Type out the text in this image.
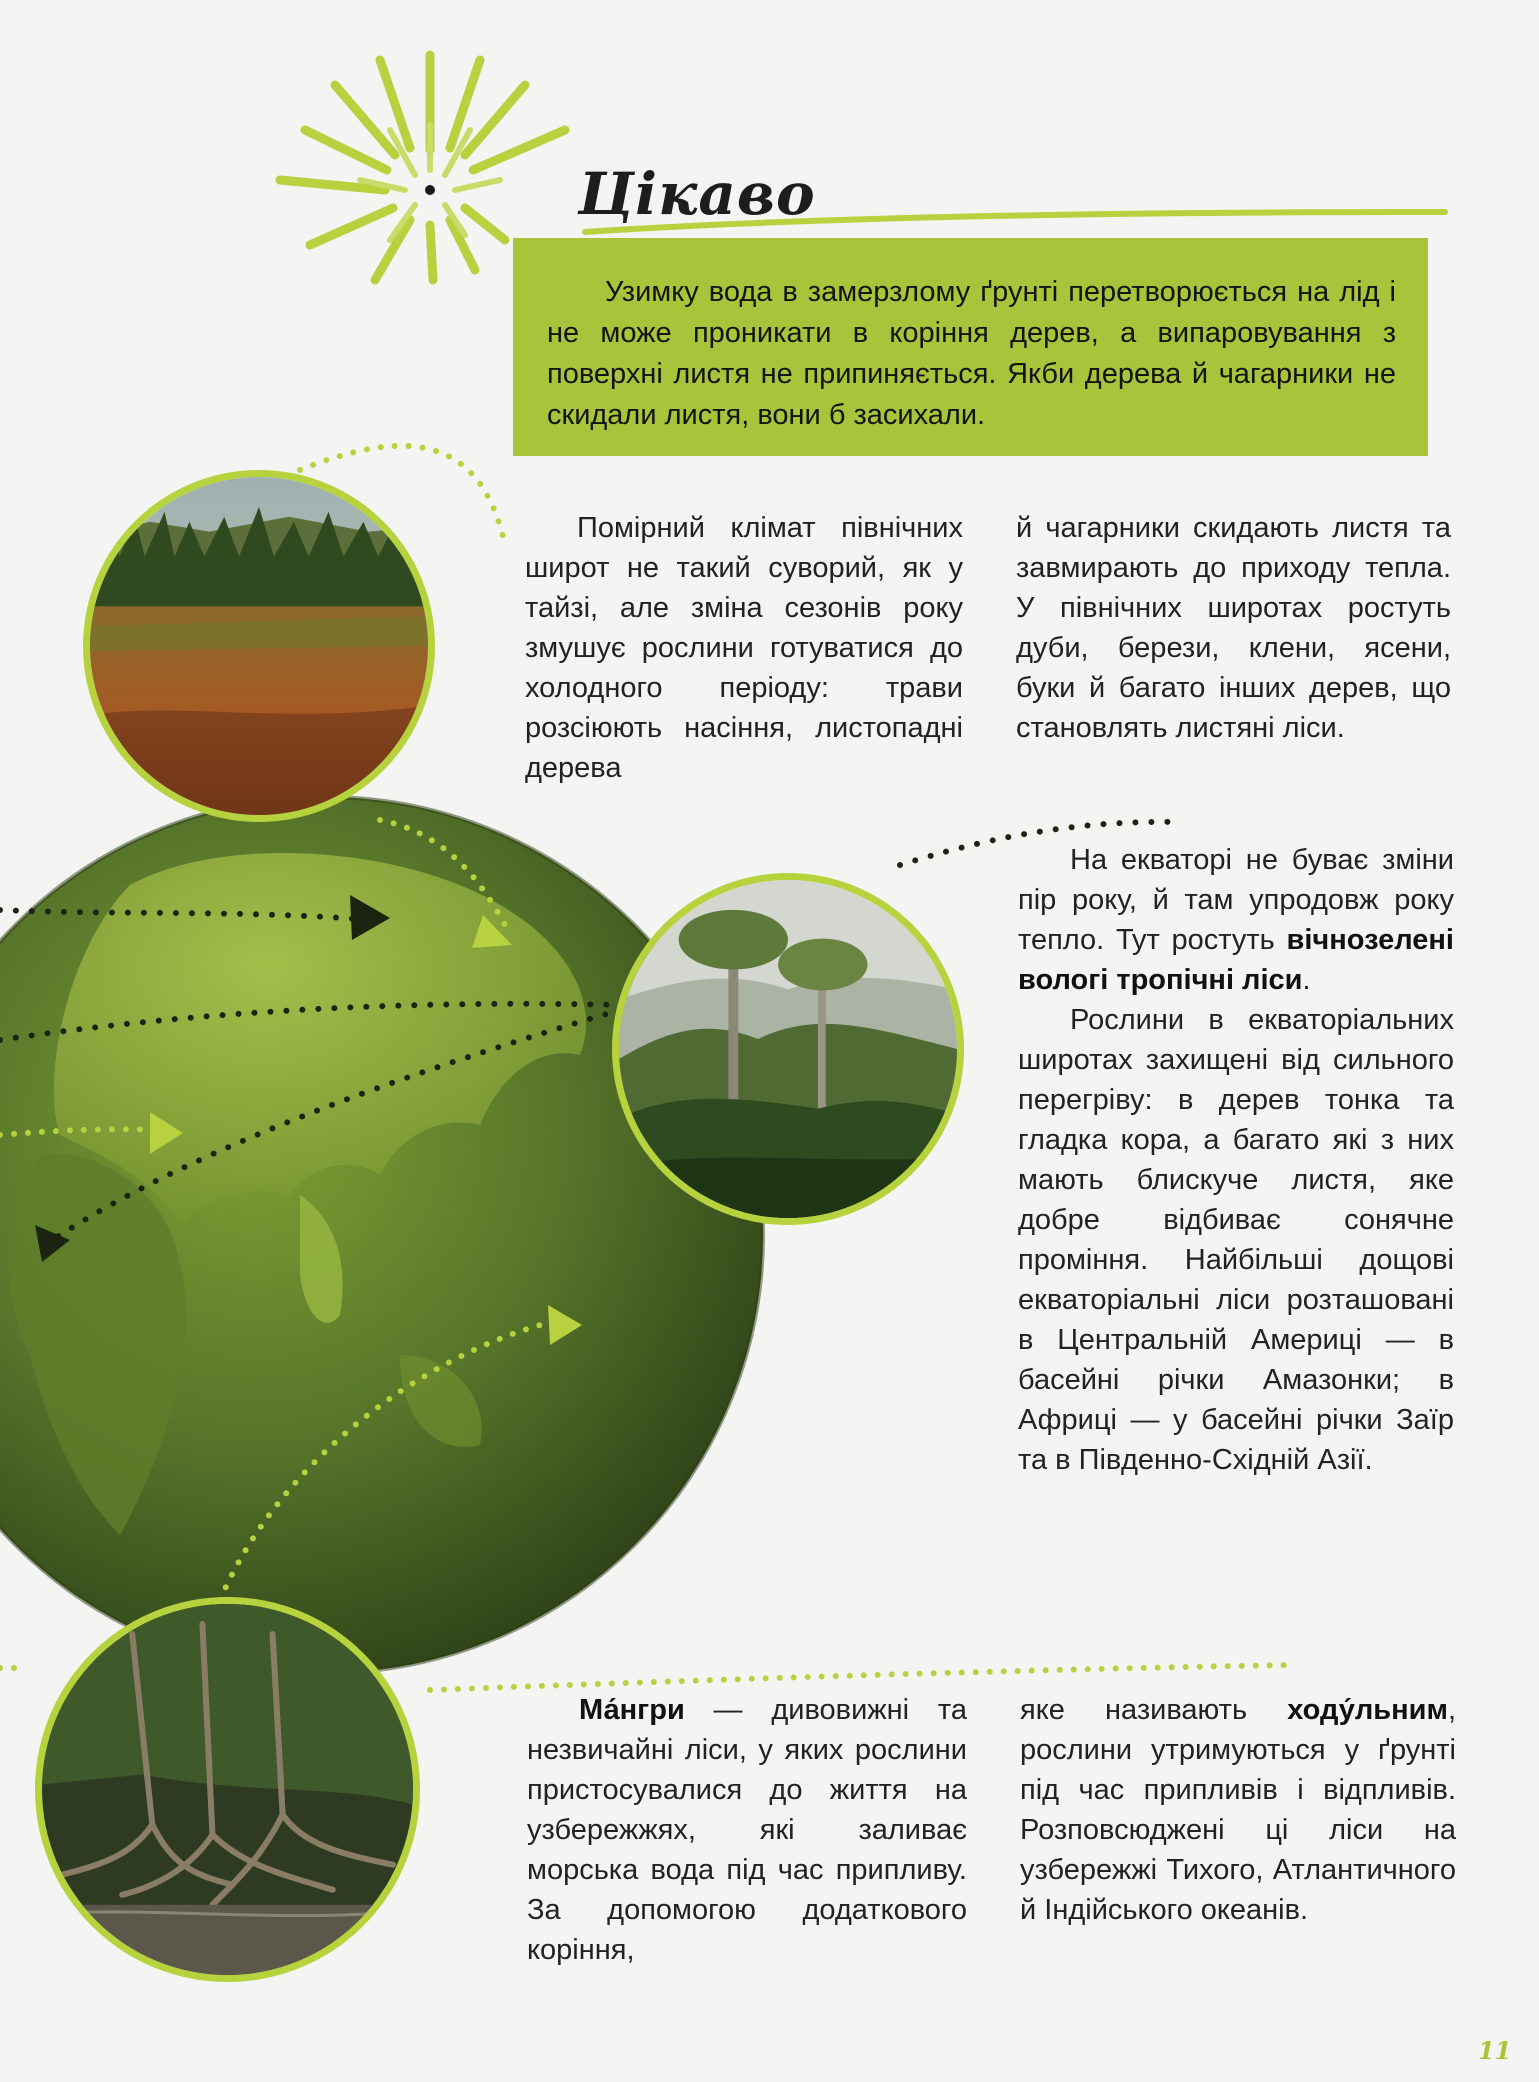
Цікаво

Узимку вода в замерзлому ґрунті перетворюється на лід і не може проникати в коріння дерев, а випаровування з поверхні листя не припиняється. Якби дерева й чагарники не скидали листя, вони б засихали.

Помірний клімат північних широт не такий суворий, як у тайзі, але зміна сезонів року змушує рослини готуватися до холодного періоду: трави розсіюють насіння, листопадні дерева

й чагарники скидають листя та завмирають до приходу тепла. У північних широтах ростуть дуби, берези, клени, ясени, буки й багато інших дерев, що становлять листяні ліси.

На екваторі не буває зміни пір року, й там упродовж року тепло. Тут ростуть вічнозелені вологі тропічні ліси.

Рослини в екваторіальних широтах захищені від сильного перегріву: в дерев тонка та гладка кора, а багато які з них мають блискуче листя, яке добре відбиває сонячне проміння. Найбільші дощові екваторіальні ліси розташовані в Центральній Америці — в басейні річки Амазонки; в Африці — у басейні річки Заїр та в Південно-Східній Азії.

Ма́нгри — дивовижні та незвичайні ліси, у яких рослини пристосувалися до життя на узбережжях, які заливає морська вода під час припливу. За допомогою додаткового коріння,

яке називають ходу́льним, рослини утримуються у ґрунті під час припливів і відпливів. Розповсюджені ці ліси на узбережжі Тихого, Атлантичного й Індійського океанів.

11
